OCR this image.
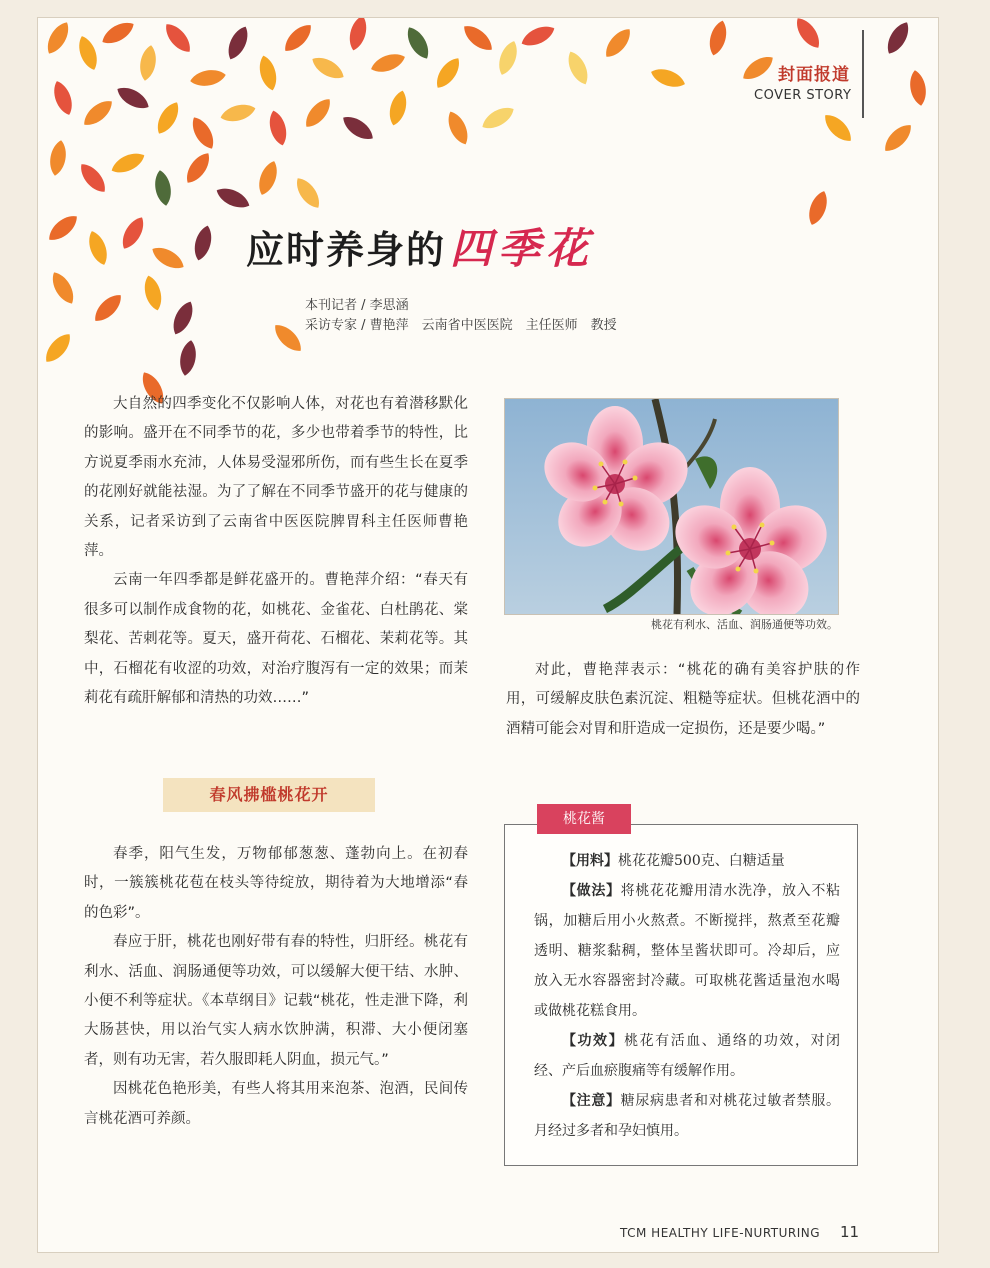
封面报道
COVER STORY
应时养身的四季花
本刊记者 / 李思涵
采访专家 / 曹艳萍　云南省中医医院　主任医师　教授

大自然的四季变化不仅影响人体，对花也有着潜移默化的影响。盛开在不同季节的花，多少也带着季节的特性，比方说夏季雨水充沛，人体易受湿邪所伤，而有些生长在夏季的花刚好就能祛湿。为了了解在不同季节盛开的花与健康的关系，记者采访到了云南省中医医院脾胃科主任医师曹艳萍。

云南一年四季都是鲜花盛开的。曹艳萍介绍：“春天有很多可以制作成食物的花，如桃花、金雀花、白杜鹃花、棠梨花、苦刺花等。夏天，盛开荷花、石榴花、茉莉花等。其中，石榴花有收涩的功效，对治疗腹泻有一定的效果；而茉莉花有疏肝解郁和清热的功效……”

春风拂槛桃花开

春季，阳气生发，万物郁郁葱葱、蓬勃向上。在初春时，一簇簇桃花苞在枝头等待绽放，期待着为大地增添“春的色彩”。

春应于肝，桃花也刚好带有春的特性，归肝经。桃花有利水、活血、润肠通便等功效，可以缓解大便干结、水肿、小便不利等症状。《本草纲目》记载“桃花，性走泄下降，利大肠甚快，用以治气实人病水饮肿满，积滞、大小便闭塞者，则有功无害，若久服即耗人阴血，损元气。”

因桃花色艳形美，有些人将其用来泡茶、泡酒，民间传言桃花酒可养颜。

桃花有利水、活血、润肠通便等功效。

对此，曹艳萍表示：“桃花的确有美容护肤的作用，可缓解皮肤色素沉淀、粗糙等症状。但桃花酒中的酒精可能会对胃和肝造成一定损伤，还是要少喝。”

桃花酱

【用料】桃花花瓣500克、白糖适量

【做法】将桃花花瓣用清水洗净，放入不粘锅，加糖后用小火熬煮。不断搅拌，熬煮至花瓣透明、糖浆黏稠，整体呈酱状即可。冷却后，应放入无水容器密封冷藏。可取桃花酱适量泡水喝或做桃花糕食用。

【功效】桃花有活血、通络的功效，对闭经、产后血瘀腹痛等有缓解作用。

【注意】糖尿病患者和对桃花过敏者禁服。月经过多者和孕妇慎用。

TCM HEALTHY LIFE-NURTURING 11
